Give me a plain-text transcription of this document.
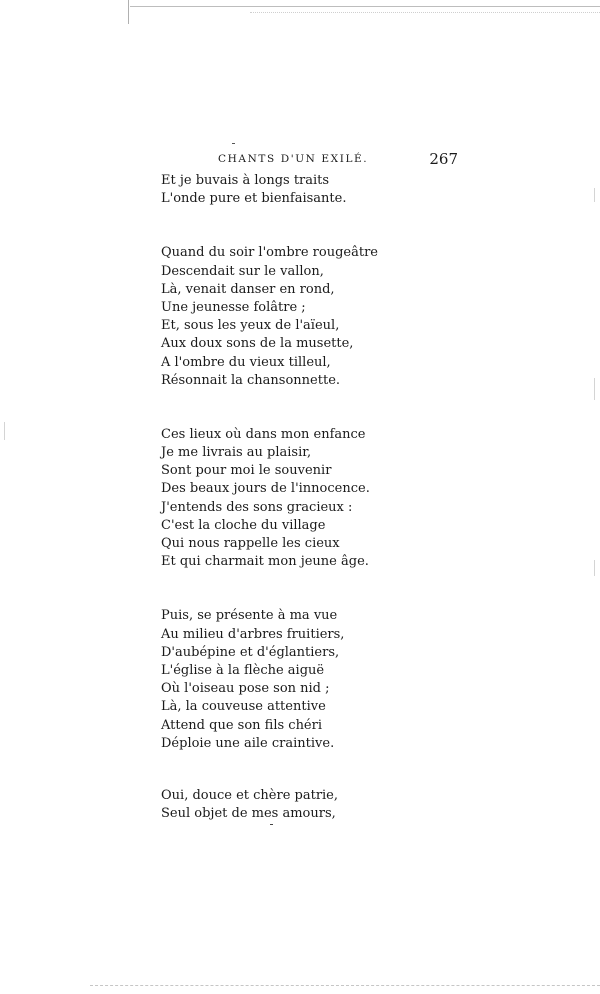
CHANTS D'UN EXILÉ.	267
Et je buvais à longs traits
L'onde pure et bienfaisante.
Quand du soir l'ombre rougeâtre
Descendait sur le vallon,
Là, venait danser en rond,
Une jeunesse folâtre ;
Et, sous les yeux de l'aïeul,
Aux doux sons de la musette,
A l'ombre du vieux tilleul,
Résonnait la chansonnette.
Ces lieux où dans mon enfance
Je me livrais au plaisir,
Sont pour moi le souvenir
Des beaux jours de l'innocence.
J'entends des sons gracieux :
C'est la cloche du village
Qui nous rappelle les cieux
Et qui charmait mon jeune âge.
Puis, se présente à ma vue
Au milieu d'arbres fruitiers,
D'aubépine et d'églantiers,
L'église à la flèche aiguë
Où l'oiseau pose son nid ;
Là, la couveuse attentive
Attend que son fils chéri
Déploie une aile craintive.
Oui, douce et chère patrie,
Seul objet de mes amours,
